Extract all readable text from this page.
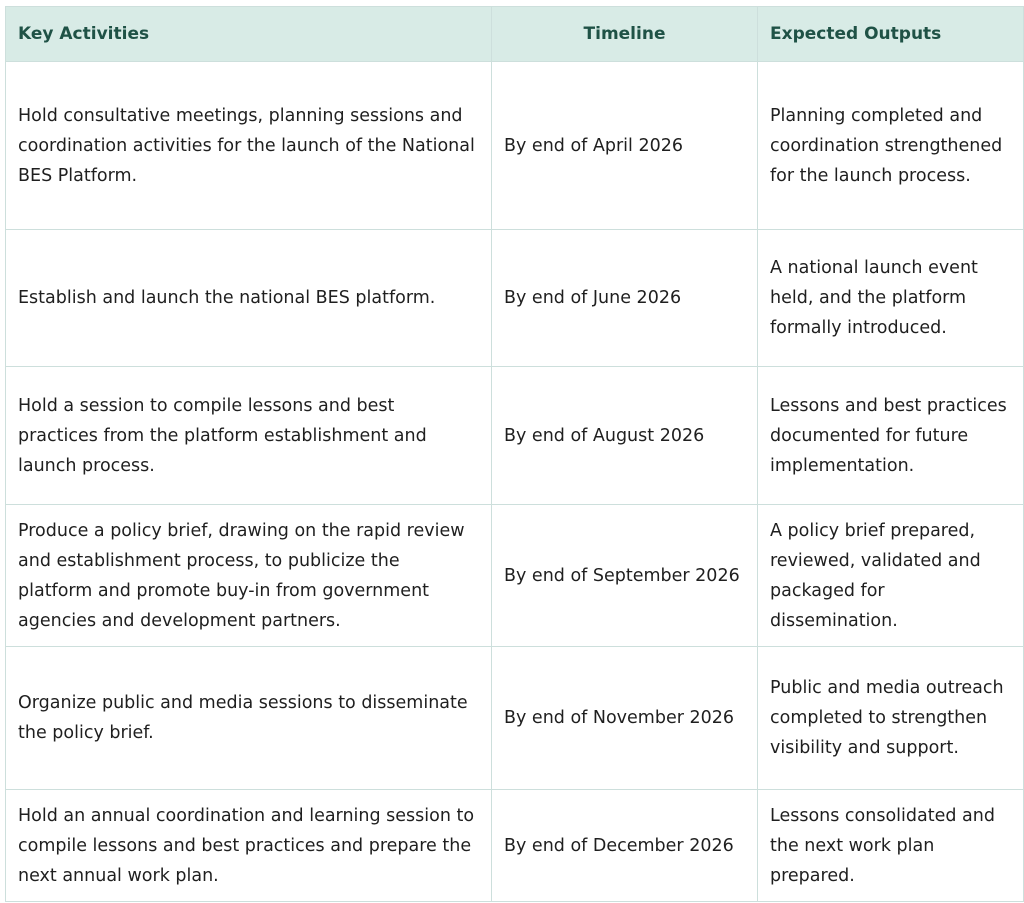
Key Activities	Timeline	Expected Outputs
Hold consultative meetings, planning sessions and coordination activities for the launch of the National BES Platform.	By end of April 2026	Planning completed and coordination strengthened for the launch process.
Establish and launch the national BES platform.	By end of June 2026	A national launch event held, and the platform formally introduced.
Hold a session to compile lessons and best practices from the platform establishment and launch process.	By end of August 2026	Lessons and best practices documented for future implementation.
Produce a policy brief, drawing on the rapid review and establishment process, to publicize the platform and promote buy-in from government agencies and development partners.	By end of September 2026	A policy brief prepared, reviewed, validated and packaged for dissemination.
Organize public and media sessions to disseminate the policy brief.	By end of November 2026	Public and media outreach completed to strengthen visibility and support.
Hold an annual coordination and learning session to compile lessons and best practices and prepare the next annual work plan.	By end of December 2026	Lessons consolidated and the next work plan prepared.
